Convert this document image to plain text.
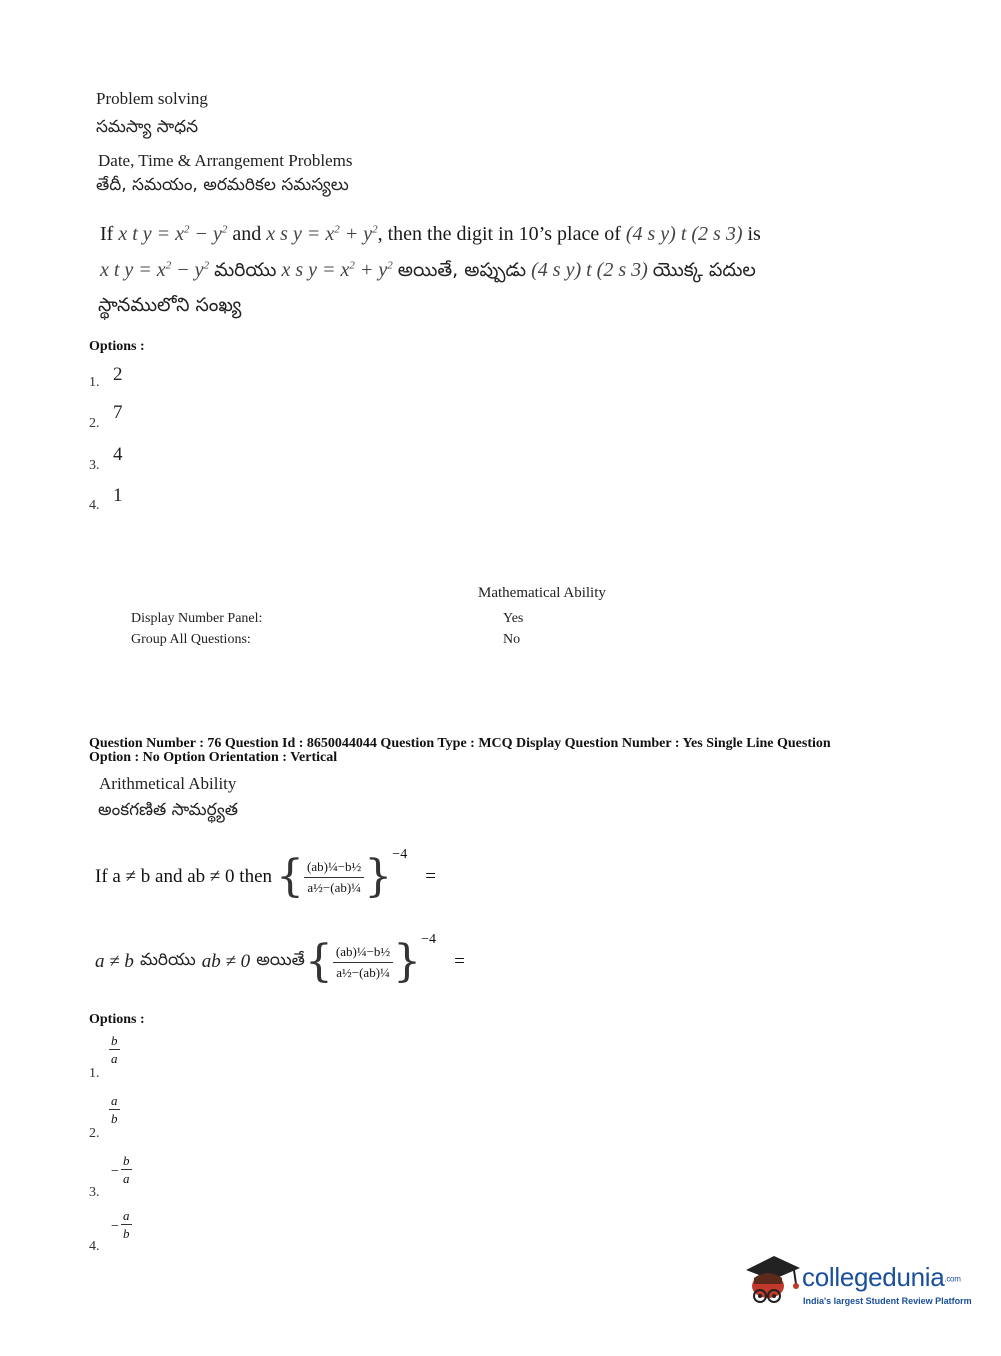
Problem solving
సమస్యా సాధన
Date, Time & Arrangement Problems
తేదీ, సమయం, అరమరికల సమస్యలు
If x t $y = x^2 - y^2$ and x s $y = x^2 + y^2$, then the digit in 10’s place of (4 s y) t (2 s 3) is
x t $y = x^2 - y^2$ మరియు x s $y = x^2 + y^2$ అయితే, అప్పుడు (4 s y) t (2 s 3) యొక్క పదుల
స్థానములోని సంఖ్య
Options :
1. 2
2.
7
3.
4
4. 1
Mathematical Ability
Display Number Panel:	Yes
Group All Questions:	No
Question Number : 76 Question Id : 8650044044 Question Type : MCQ Display Question Number : Yes Single Line Question
Option : No Option Orientation : Vertical
Arithmetical Ability
అంకగణిత సామర్థ్యత
If a ≠ b and ab ≠ 0 then { $\frac{\text{(ab)¼−b½}}{\text{a½−(ab)¼}}$ } −4
=
a ≠ b మరియు ab ≠ 0 అయితే { $\frac{\text{(ab)¼−b½}}{\text{a½−(ab)¼}}$ } −4
=
Options :
1.
$\frac{b}{a}$
2.
$\frac{a}{b}$
3.
− $\frac{b}{a}$
4.
− $\frac{a}{b}$
collegedunia.com
India's largest Student Review Platform
